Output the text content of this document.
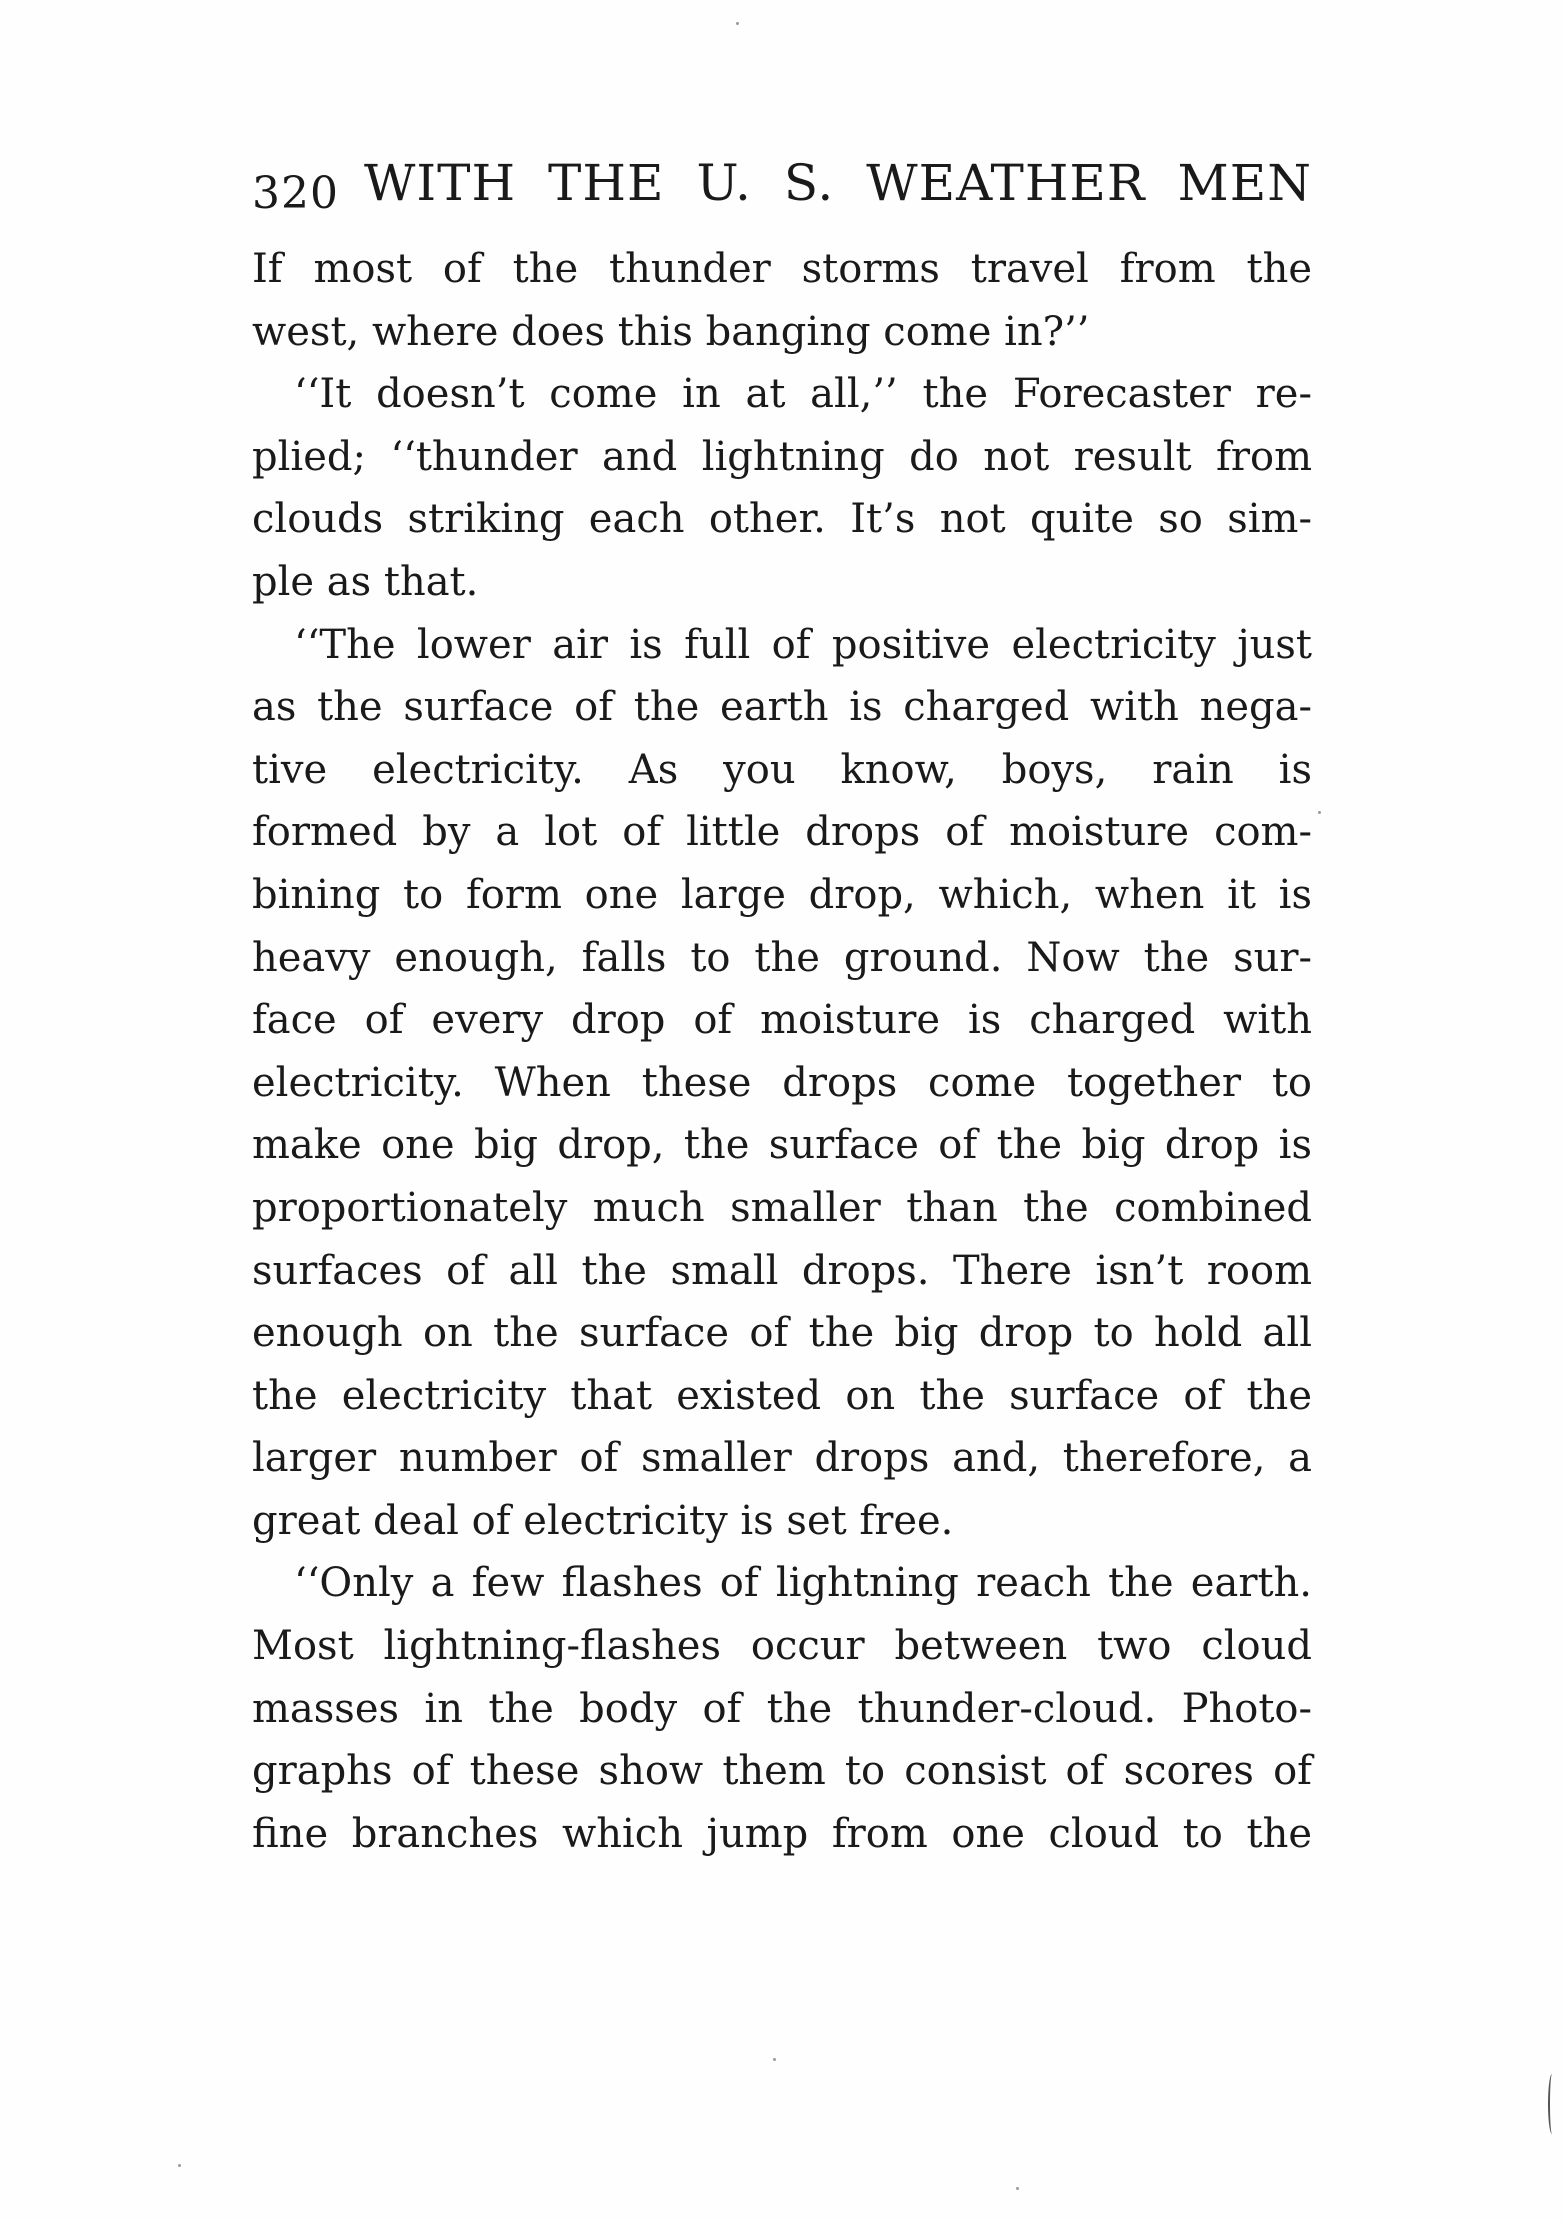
320 WITH THE U. S. WEATHER MEN
If most of the thunder storms travel from the
west, where does this banging come in?’’
‘‘It doesn’t come in at all,’’ the Forecaster re-
plied; ‘‘thunder and lightning do not result from
clouds striking each other. It’s not quite so sim-
ple as that.
‘‘The lower air is full of positive electricity just
as the surface of the earth is charged with nega-
tive electricity. As you know, boys, rain is
formed by a lot of little drops of moisture com-
bining to form one large drop, which, when it is
heavy enough, falls to the ground. Now the sur-
face of every drop of moisture is charged with
electricity. When these drops come together to
make one big drop, the surface of the big drop is
proportionately much smaller than the combined
surfaces of all the small drops. There isn’t room
enough on the surface of the big drop to hold all
the electricity that existed on the surface of the
larger number of smaller drops and, therefore, a
great deal of electricity is set free.
‘‘Only a few flashes of lightning reach the earth.
Most lightning-flashes occur between two cloud
masses in the body of the thunder-cloud. Photo-
graphs of these show them to consist of scores of
fine branches which jump from one cloud to the
